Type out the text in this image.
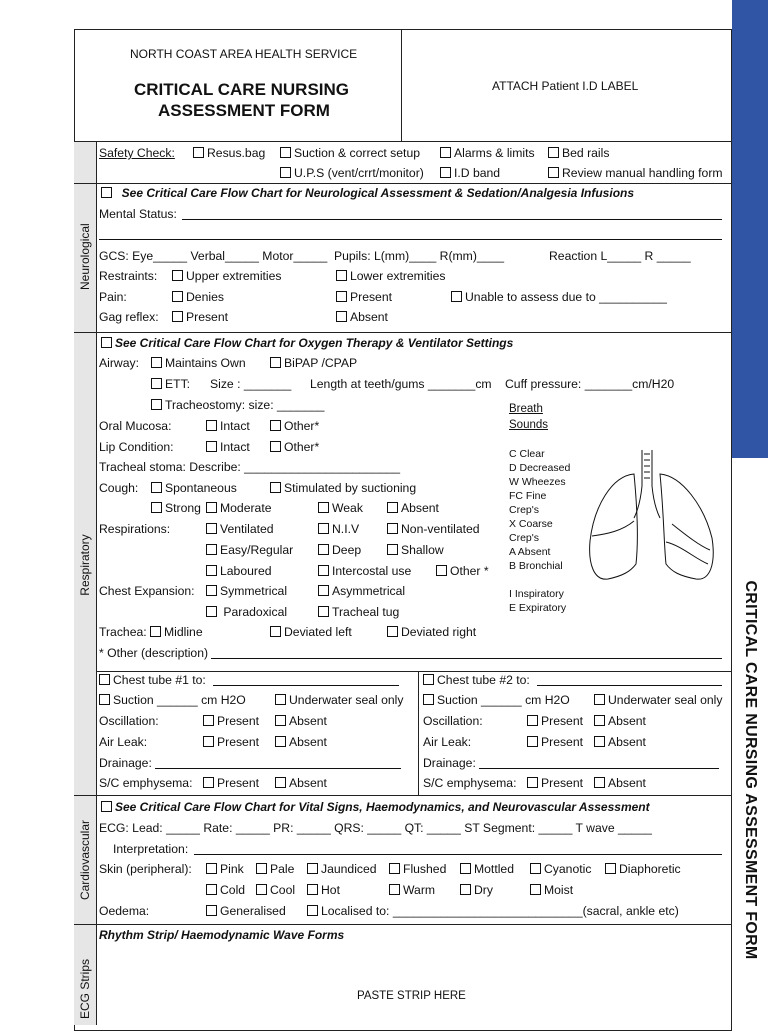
CRITICAL CARE NURSING ASSESSMENT FORM
NORTH COAST AREA HEALTH SERVICE
CRITICAL CARE NURSING
ASSESSMENT FORM
ATTACH Patient I.D LABEL
Neurological
Respiratory
Cardiovascular
ECG Strips
Safety Check:	Resus.bag	Suction & correct setup	Alarms & limits	Bed rails
U.P.S (vent/crrt/monitor)	I.D band	Review manual handling form
See Critical Care Flow Chart for Neurological Assessment & Sedation/Analgesia Infusions
Mental Status:
GCS: Eye_____ Verbal_____ Motor_____ Pupils: L(mm)____ R(mm)____	Reaction L_____ R _____
Restraints:	Upper extremities	Lower extremities
Pain:	Denies	Present	Unable to assess due to __________
Gag reflex:	Present	Absent
See Critical Care Flow Chart for Oxygen Therapy & Ventilator Settings
Airway:	Maintains Own	BiPAP /CPAP
ETT: Size : _______ Length at teeth/gums _______cm Cuff pressure: _______cm/H20
Tracheostomy: size: _______	Breath
Sounds
Oral Mucosa:	Intact	Other*
Lip Condition:	Intact	Other*
Tracheal stoma: Describe: _______________________
Cough:	Spontaneous	Stimulated by suctioning
Strong	Moderate	Weak	Absent
Respirations:	Ventilated	N.I.V	Non-ventilated
Easy/Regular	Deep	Shallow
Laboured	Intercostal use	Other *
Chest Expansion:	Symmetrical	Asymmetrical
Paradoxical	Tracheal tug
Trachea:	Midline	Deviated left	Deviated right
* Other (description)
C Clear
D Decreased
W Wheezes
FC Fine
Crep's
X Coarse
Crep's
A Absent
B Bronchial
I Inspiratory
E Expiratory
Chest tube #1 to:
Suction ______ cm H2O	Underwater seal only
Oscillation:	Present	Absent
Air Leak:	Present	Absent
Drainage:
S/C emphysema:	Present	Absent
Chest tube #2 to:
Suction ______ cm H2O	Underwater seal only
Oscillation:	Present	Absent
Air Leak:	Present	Absent
Drainage:
S/C emphysema:	Present	Absent
See Critical Care Flow Chart for Vital Signs, Haemodynamics, and Neurovascular Assessment
ECG: Lead: _____ Rate: _____ PR: _____ QRS: _____ QT: _____ ST Segment: _____ T wave _____
Interpretation:
Skin (peripheral):	Pink	Pale	Jaundiced	Flushed	Mottled	Cyanotic	Diaphoretic
Cold	Cool	Hot	Warm	Dry	Moist
Oedema:	Generalised	Localised to: ____________________________(sacral, ankle etc)
Rhythm Strip/ Haemodynamic Wave Forms
PASTE STRIP HERE
